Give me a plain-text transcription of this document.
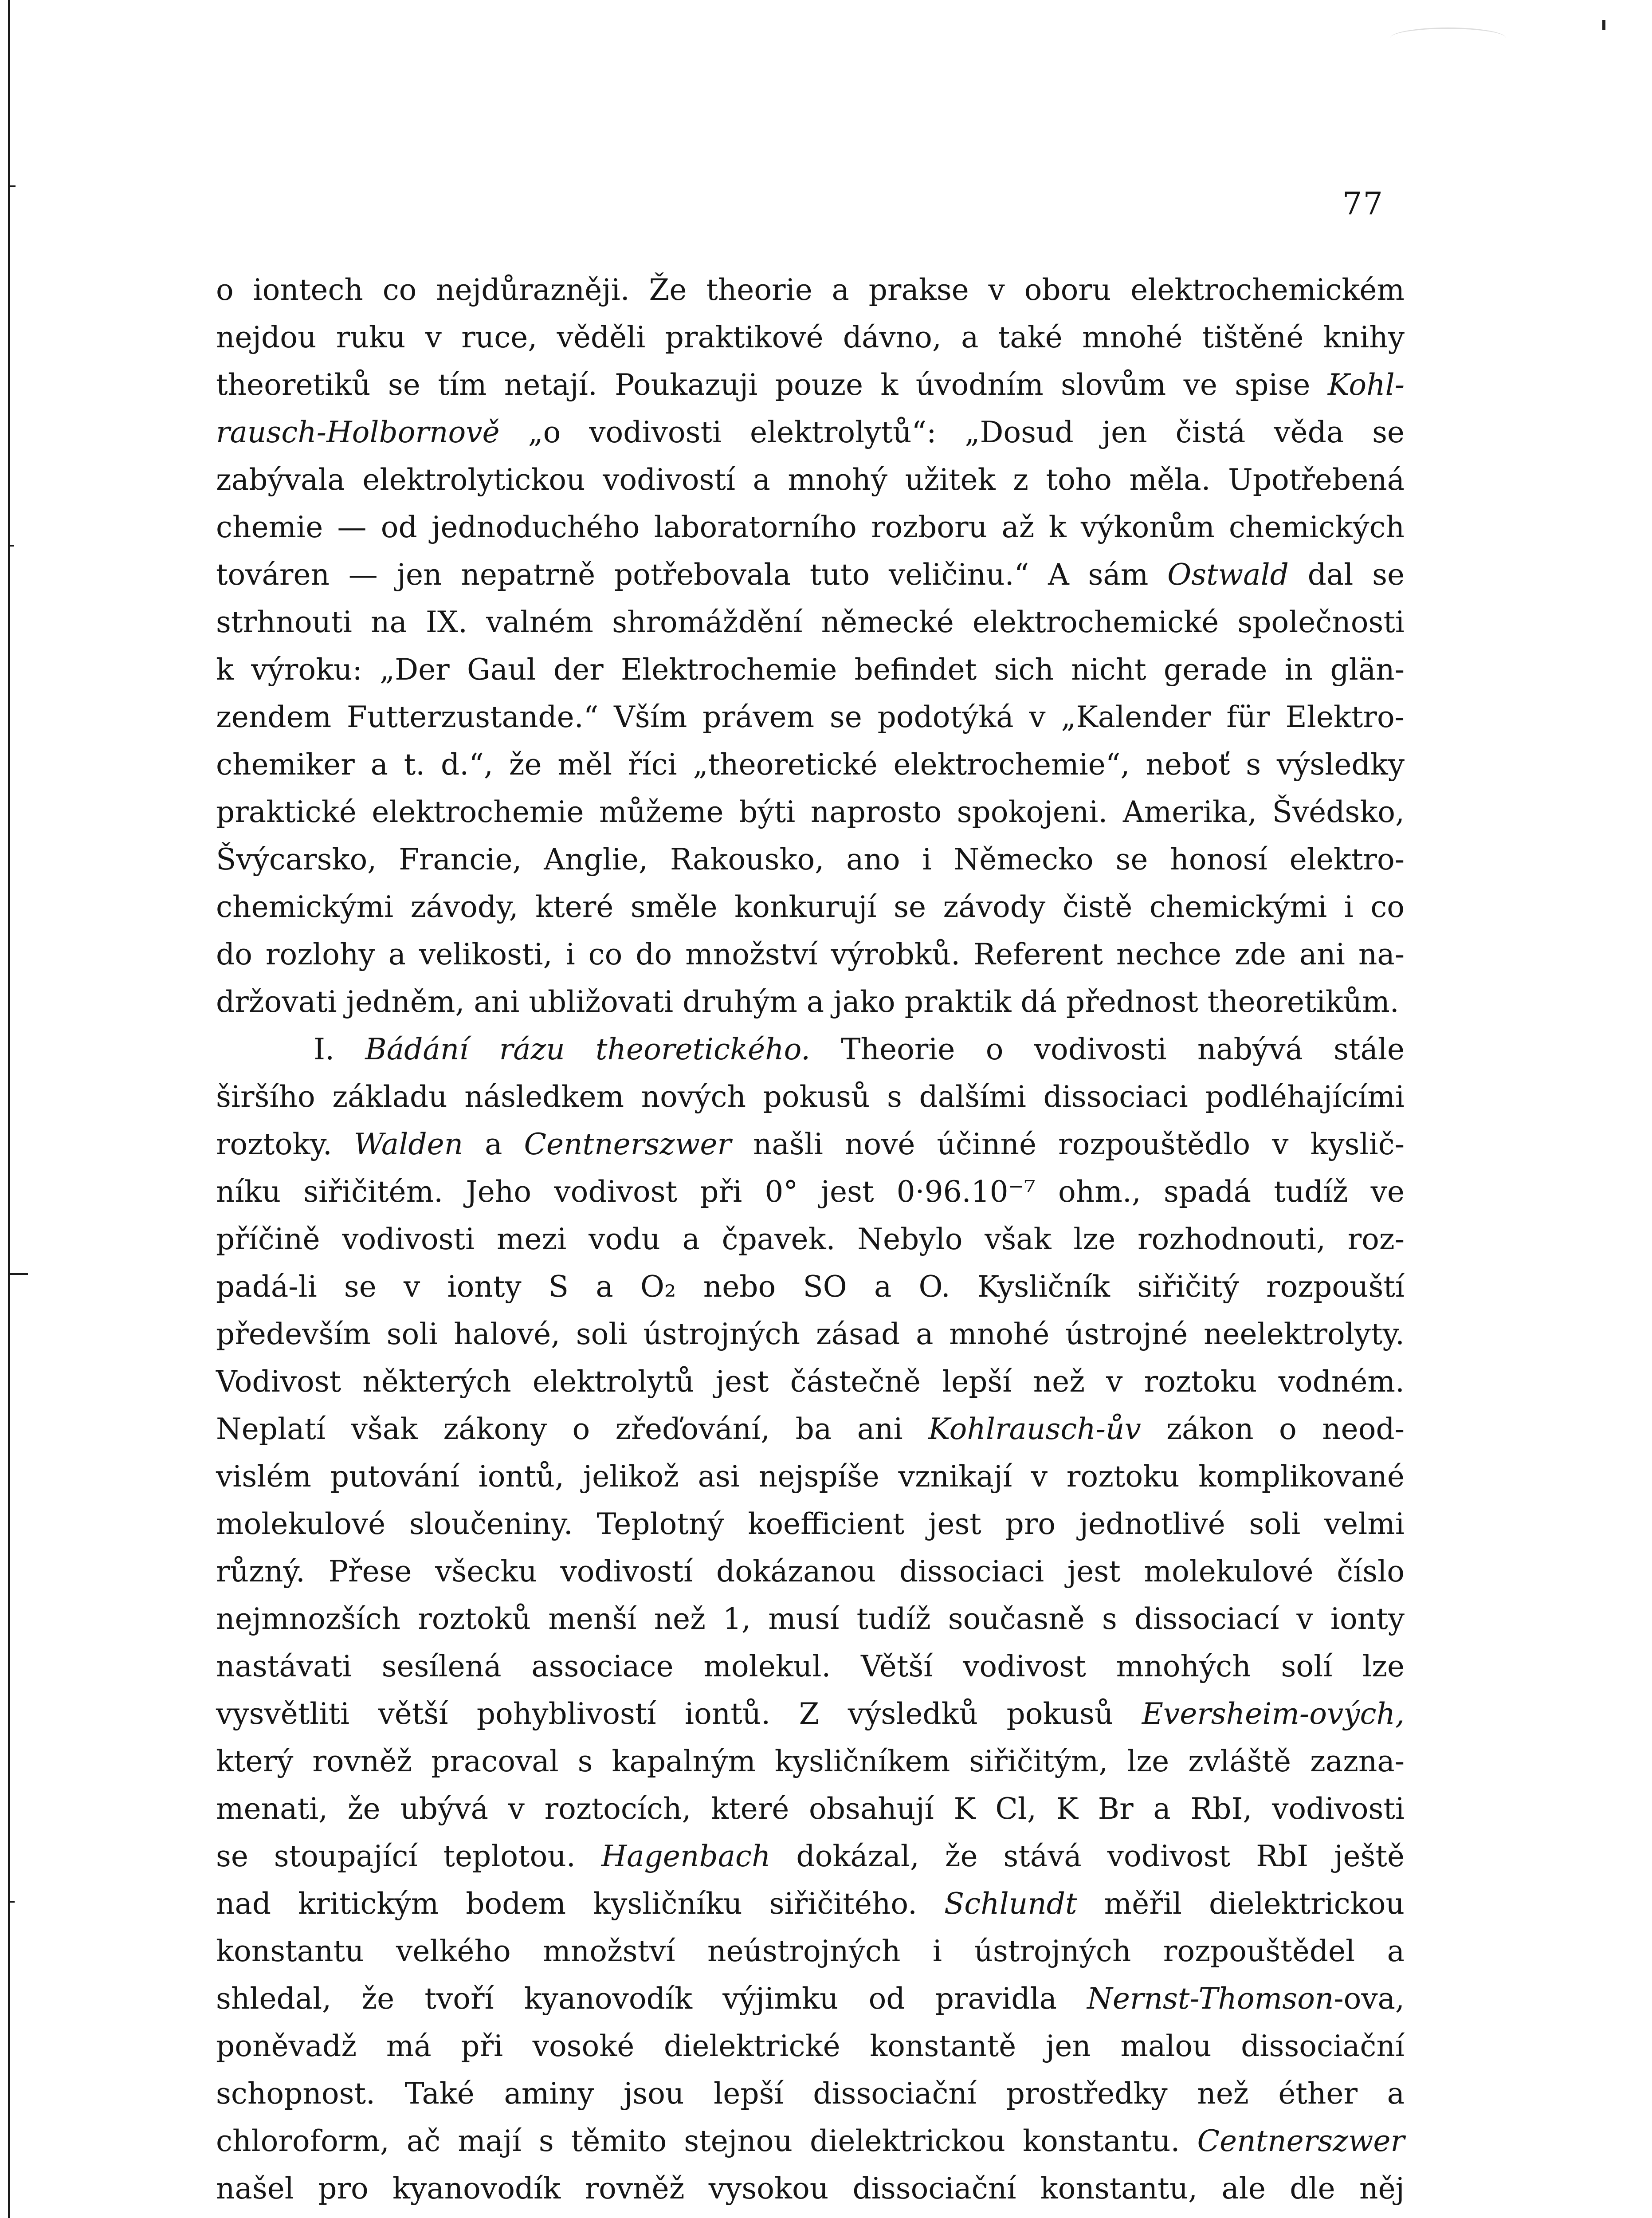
77
o iontech co nejdůrazněji. Že theorie a prakse v oboru elektrochemickém
nejdou ruku v ruce, věděli praktikové dávno, a také mnohé tištěné knihy
theoretiků se tím netají. Poukazuji pouze k úvodním slovům ve spise Kohl-
rausch-Holbornově „o vodivosti elektrolytů“: „Dosud jen čistá věda se
zabývala elektrolytickou vodivostí a mnohý užitek z toho měla. Upotřebená
chemie — od jednoduchého laboratorního rozboru až k výkonům chemických
továren — jen nepatrně potřebovala tuto veličinu.“ A sám Ostwald dal se
strhnouti na IX. valném shromáždění německé elektrochemické společnosti
k výroku: „Der Gaul der Elektrochemie befindet sich nicht gerade in glän-
zendem Futterzustande.“ Vším právem se podotýká v „Kalender für Elektro-
chemiker a t. d.“, že měl říci „theoretické elektrochemie“, neboť s výsledky
praktické elektrochemie můžeme býti naprosto spokojeni. Amerika, Švédsko,
Švýcarsko, Francie, Anglie, Rakousko, ano i Německo se honosí elektro-
chemickými závody, které směle konkurují se závody čistě chemickými i co
do rozlohy a velikosti, i co do množství výrobků. Referent nechce zde ani na-
držovati jedněm, ani ubližovati druhým a jako praktik dá přednost theoretikům.
I. Bádání rázu theoretického. Theorie o vodivosti nabývá stále
širšího základu následkem nových pokusů s dalšími dissociaci podléhajícími
roztoky. Walden a Centnerszwer našli nové účinné rozpouštědlo v kyslič-
níku siřičitém. Jeho vodivost při 0° jest 0·96.10⁻⁷ ohm., spadá tudíž ve
příčině vodivosti mezi vodu a čpavek. Nebylo však lze rozhodnouti, roz-
padá-li se v ionty S a O₂ nebo SO a O. Kysličník siřičitý rozpouští
především soli halové, soli ústrojných zásad a mnohé ústrojné neelektrolyty.
Vodivost některých elektrolytů jest částečně lepší než v roztoku vodném.
Neplatí však zákony o zřeďování, ba ani Kohlrausch-ův zákon o neod-
vislém putování iontů, jelikož asi nejspíše vznikají v roztoku komplikované
molekulové sloučeniny. Teplotný koefficient jest pro jednotlivé soli velmi
různý. Přese všecku vodivostí dokázanou dissociaci jest molekulové číslo
nejmnozších roztoků menší než 1, musí tudíž současně s dissociací v ionty
nastávati sesílená associace molekul. Větší vodivost mnohých solí lze
vysvětliti větší pohyblivostí iontů. Z výsledků pokusů Eversheim-ových,
který rovněž pracoval s kapalným kysličníkem siřičitým, lze zvláště zazna-
menati, že ubývá v roztocích, které obsahují K Cl, K Br a RbI, vodivosti
se stoupající teplotou. Hagenbach dokázal, že stává vodivost RbI ještě
nad kritickým bodem kysličníku siřičitého. Schlundt měřil dielektrickou
konstantu velkého množství neústrojných i ústrojných rozpouštědel a
shledal, že tvoří kyanovodík výjimku od pravidla Nernst-Thomson-ova,
poněvadž má při vosoké dielektrické konstantě jen malou dissociační
schopnost. Také aminy jsou lepší dissociační prostředky než éther a
chloroform, ač mají s těmito stejnou dielektrickou konstantu. Centnerszwer
našel pro kyanovodík rovněž vysokou dissociační konstantu, ale dle něj
